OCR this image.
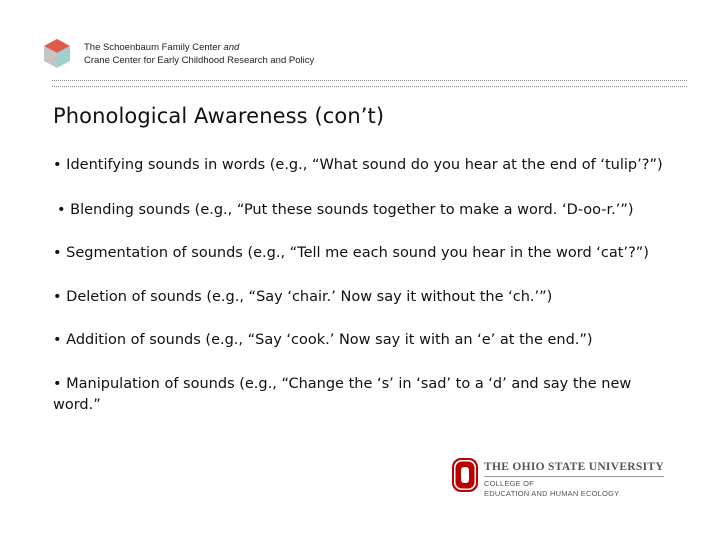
The Schoenbaum Family Center and
Crane Center for Early Childhood Research and Policy
Phonological Awareness (con’t)
• Identifying sounds in words (e.g., “What sound do you hear at the end of ‘tulip’?”)
• Blending sounds (e.g., “Put these sounds together to make a word. ‘D-oo-r.’”)
• Segmentation of sounds (e.g., “Tell me each sound you hear in the word ‘cat’?”)
• Deletion of sounds (e.g., “Say ‘chair.’ Now say it without the ‘ch.’”)
• Addition of sounds (e.g., “Say ‘cook.’ Now say it with an ‘e’ at the end.”)
• Manipulation of sounds (e.g., “Change the ‘s’ in ‘sad’ to a ‘d’ and say the new word.”
THE OHIO STATE UNIVERSITY
COLLEGE OF
EDUCATION AND HUMAN ECOLOGY
